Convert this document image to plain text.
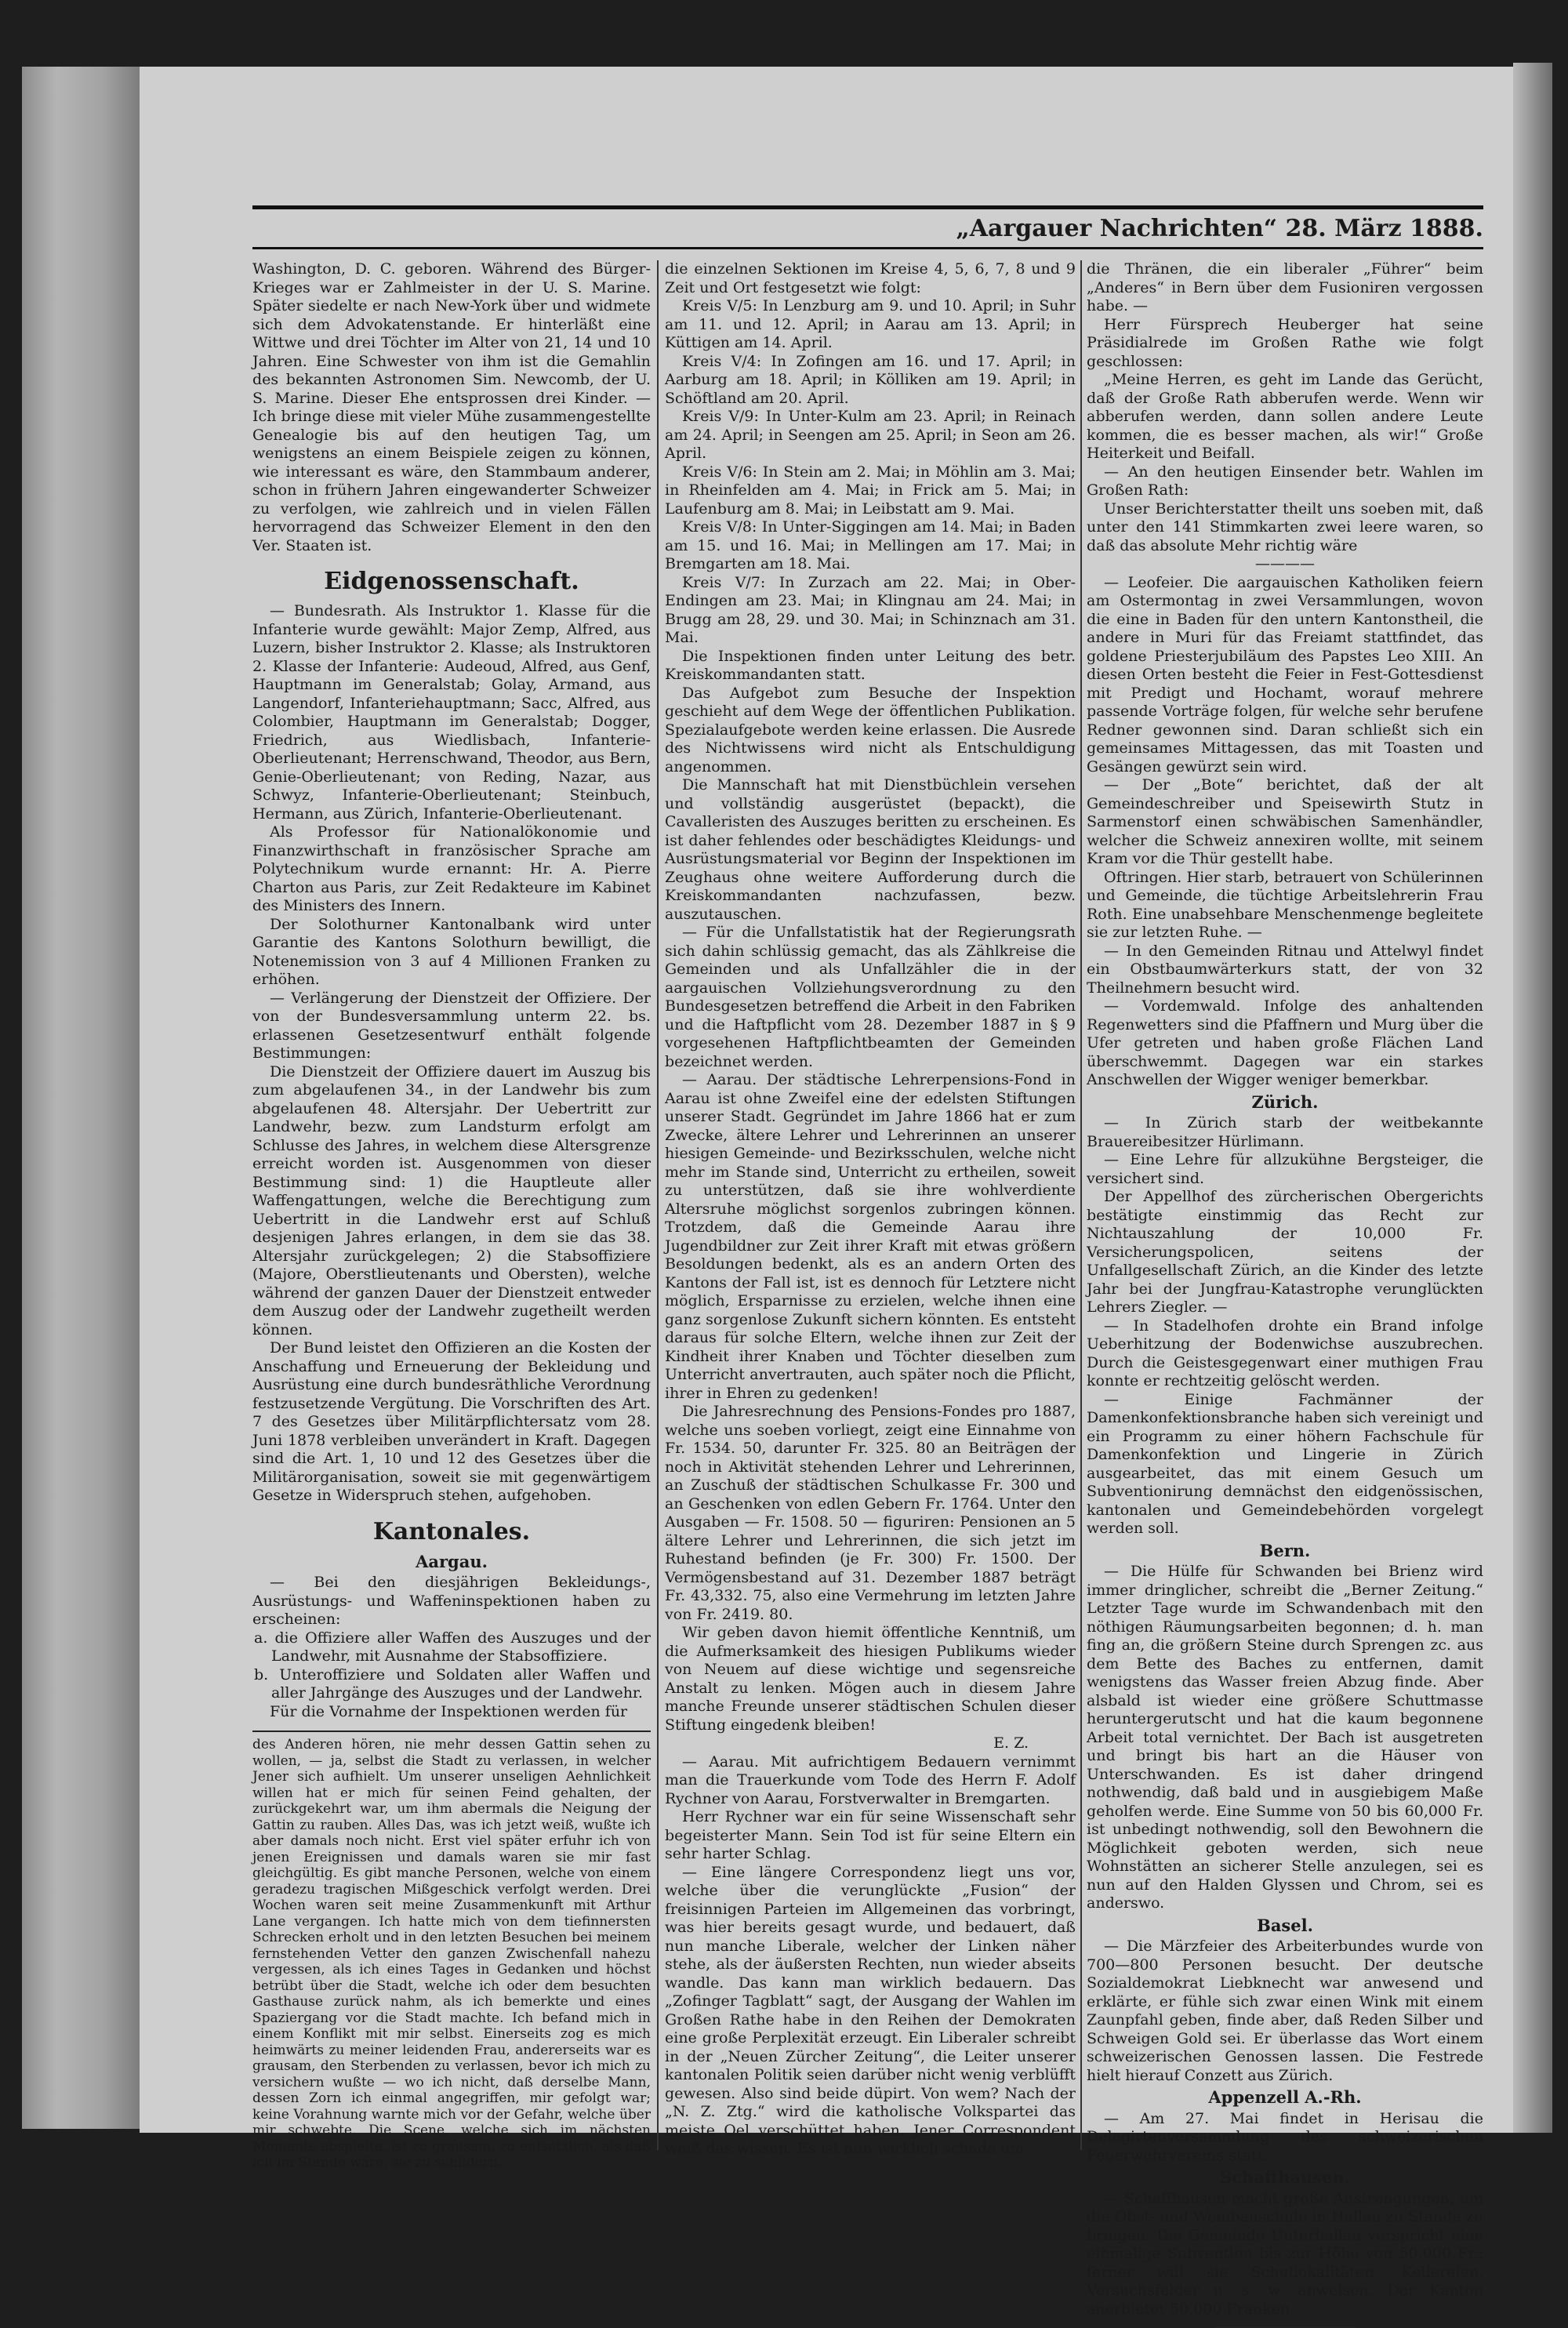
„Aargauer Nachrichten“ 28. März 1888.

Washington, D. C. geboren. Während des Bürger-Krieges war er Zahlmeister in der U. S. Marine. Später siedelte er nach New-York über und widmete sich dem Advokatenstande. Er hinterläßt eine Wittwe und drei Töchter im Alter von 21, 14 und 10 Jahren. Eine Schwester von ihm ist die Gemahlin des bekannten Astronomen Sim. Newcomb, der U. S. Marine. Dieser Ehe entsprossen drei Kinder. — Ich bringe diese mit vieler Mühe zusammengestellte Genealogie bis auf den heutigen Tag, um wenigstens an einem Beispiele zeigen zu können, wie interessant es wäre, den Stammbaum anderer, schon in frühern Jahren eingewanderter Schweizer zu verfolgen, wie zahlreich und in vielen Fällen hervorragend das Schweizer Element in den den Ver. Staaten ist.

Eidgenossenschaft.

— Bundesrath. Als Instruktor 1. Klasse für die Infanterie wurde gewählt: Major Zemp, Alfred, aus Luzern, bisher Instruktor 2. Klasse; als Instruktoren 2. Klasse der Infanterie: Audeoud, Alfred, aus Genf, Hauptmann im Generalstab; Golay, Armand, aus Langendorf, Infanteriehauptmann; Sacc, Alfred, aus Colombier, Hauptmann im Generalstab; Dogger, Friedrich, aus Wiedlisbach, Infanterie-Oberlieutenant; Herrenschwand, Theodor, aus Bern, Genie-Oberlieutenant; von Reding, Nazar, aus Schwyz, Infanterie-Oberlieutenant; Steinbuch, Hermann, aus Zürich, Infanterie-Oberlieutenant.

Als Professor für Nationalökonomie und Finanzwirthschaft in französischer Sprache am Polytechnikum wurde ernannt: Hr. A. Pierre Charton aus Paris, zur Zeit Redakteure im Kabinet des Ministers des Innern.

Der Solothurner Kantonalbank wird unter Garantie des Kantons Solothurn bewilligt, die Notenemission von 3 auf 4 Millionen Franken zu erhöhen.

— Verlängerung der Dienstzeit der Offiziere. Der von der Bundesversammlung unterm 22. bs. erlassenen Gesetzesentwurf enthält folgende Bestimmungen:

Die Dienstzeit der Offiziere dauert im Auszug bis zum abgelaufenen 34., in der Landwehr bis zum abgelaufenen 48. Altersjahr. Der Uebertritt zur Landwehr, bezw. zum Landsturm erfolgt am Schlusse des Jahres, in welchem diese Altersgrenze erreicht worden ist. Ausgenommen von dieser Bestimmung sind: 1) die Hauptleute aller Waffengattungen, welche die Berechtigung zum Uebertritt in die Landwehr erst auf Schluß desjenigen Jahres erlangen, in dem sie das 38. Altersjahr zurückgelegen; 2) die Stabsoffiziere (Majore, Oberstlieutenants und Obersten), welche während der ganzen Dauer der Dienstzeit entweder dem Auszug oder der Landwehr zugetheilt werden können.

Der Bund leistet den Offizieren an die Kosten der Anschaffung und Erneuerung der Bekleidung und Ausrüstung eine durch bundesräthliche Verordnung festzusetzende Vergütung. Die Vorschriften des Art. 7 des Gesetzes über Militärpflichtersatz vom 28. Juni 1878 verbleiben unverändert in Kraft. Dagegen sind die Art. 1, 10 und 12 des Gesetzes über die Militärorganisation, soweit sie mit gegenwärtigem Gesetze in Widerspruch stehen, aufgehoben.

Kantonales.
Aargau.

— Bei den diesjährigen Bekleidungs-, Ausrüstungs- und Waffeninspektionen haben zu erscheinen:

a. die Offiziere aller Waffen des Auszuges und der Landwehr, mit Ausnahme der Stabsoffiziere.
b. Unteroffiziere und Soldaten aller Waffen und aller Jahrgänge des Auszuges und der Landwehr.

Für die Vornahme der Inspektionen werden für

des Anderen hören, nie mehr dessen Gattin sehen zu wollen, — ja, selbst die Stadt zu verlassen, in welcher Jener sich aufhielt. Um unserer unseligen Aehnlichkeit willen hat er mich für seinen Feind gehalten, der zurückgekehrt war, um ihm abermals die Neigung der Gattin zu rauben. Alles Das, was ich jetzt weiß, wußte ich aber damals noch nicht. Erst viel später erfuhr ich von jenen Ereignissen und damals waren sie mir fast gleichgültig. Es gibt manche Personen, welche von einem geradezu tragischen Mißgeschick verfolgt werden. Drei Wochen waren seit meine Zusammenkunft mit Arthur Lane vergangen. Ich hatte mich von dem tiefinnersten Schrecken erholt und in den letzten Besuchen bei meinem fernstehenden Vetter den ganzen Zwischenfall nahezu vergessen, als ich eines Tages in Gedanken und höchst betrübt über die Stadt, welche ich oder dem besuchten Gasthause zurück nahm, als ich bemerkte und eines Spaziergang vor die Stadt machte. Ich befand mich in einem Konflikt mit mir selbst. Einerseits zog es mich heimwärts zu meiner leidenden Frau, andererseits war es grausam, den Sterbenden zu verlassen, bevor ich mich zu versichern wußte — wo ich nicht, daß derselbe Mann, dessen Zorn ich einmal angegriffen, mir gefolgt war; keine Vorahnung warnte mich vor der Gefahr, welche über mir schwebte. Die Scene, welche sich im nächsten Momente abspielte, ist zu grausam, zu entsetzlich, als daß ich im Stande wäre, sie zu schildern.

die einzelnen Sektionen im Kreise 4, 5, 6, 7, 8 und 9 Zeit und Ort festgesetzt wie folgt:

Kreis V/5: In Lenzburg am 9. und 10. April; in Suhr am 11. und 12. April; in Aarau am 13. April; in Küttigen am 14. April.

Kreis V/4: In Zofingen am 16. und 17. April; in Aarburg am 18. April; in Kölliken am 19. April; in Schöftland am 20. April.

Kreis V/9: In Unter-Kulm am 23. April; in Reinach am 24. April; in Seengen am 25. April; in Seon am 26. April.

Kreis V/6: In Stein am 2. Mai; in Möhlin am 3. Mai; in Rheinfelden am 4. Mai; in Frick am 5. Mai; in Laufenburg am 8. Mai; in Leibstatt am 9. Mai.

Kreis V/8: In Unter-Siggingen am 14. Mai; in Baden am 15. und 16. Mai; in Mellingen am 17. Mai; in Bremgarten am 18. Mai.

Kreis V/7: In Zurzach am 22. Mai; in Ober-Endingen am 23. Mai; in Klingnau am 24. Mai; in Brugg am 28, 29. und 30. Mai; in Schinznach am 31. Mai.

Die Inspektionen finden unter Leitung des betr. Kreiskommandanten statt.

Das Aufgebot zum Besuche der Inspektion geschieht auf dem Wege der öffentlichen Publikation. Spezialaufgebote werden keine erlassen. Die Ausrede des Nichtwissens wird nicht als Entschuldigung angenommen.

Die Mannschaft hat mit Dienstbüchlein versehen und vollständig ausgerüstet (bepackt), die Cavalleristen des Auszuges beritten zu erscheinen. Es ist daher fehlendes oder beschädigtes Kleidungs- und Ausrüstungsmaterial vor Beginn der Inspektionen im Zeughaus ohne weitere Aufforderung durch die Kreiskommandanten nachzufassen, bezw. auszutauschen.

— Für die Unfallstatistik hat der Regierungsrath sich dahin schlüssig gemacht, das als Zählkreise die Gemeinden und als Unfallzähler die in der aargauischen Vollziehungsverordnung zu den Bundesgesetzen betreffend die Arbeit in den Fabriken und die Haftpflicht vom 28. Dezember 1887 in § 9 vorgesehenen Haftpflichtbeamten der Gemeinden bezeichnet werden.

— Aarau. Der städtische Lehrerpensions-Fond in Aarau ist ohne Zweifel eine der edelsten Stiftungen unserer Stadt. Gegründet im Jahre 1866 hat er zum Zwecke, ältere Lehrer und Lehrerinnen an unserer hiesigen Gemeinde- und Bezirksschulen, welche nicht mehr im Stande sind, Unterricht zu ertheilen, soweit zu unterstützen, daß sie ihre wohlverdiente Altersruhe möglichst sorgenlos zubringen können. Trotzdem, daß die Gemeinde Aarau ihre Jugendbildner zur Zeit ihrer Kraft mit etwas größern Besoldungen bedenkt, als es an andern Orten des Kantons der Fall ist, ist es dennoch für Letztere nicht möglich, Ersparnisse zu erzielen, welche ihnen eine ganz sorgenlose Zukunft sichern könnten. Es entsteht daraus für solche Eltern, welche ihnen zur Zeit der Kindheit ihrer Knaben und Töchter dieselben zum Unterricht anvertrauten, auch später noch die Pflicht, ihrer in Ehren zu gedenken!

Die Jahresrechnung des Pensions-Fondes pro 1887, welche uns soeben vorliegt, zeigt eine Einnahme von Fr. 1534. 50, darunter Fr. 325. 80 an Beiträgen der noch in Aktivität stehenden Lehrer und Lehrerinnen, an Zuschuß der städtischen Schulkasse Fr. 300 und an Geschenken von edlen Gebern Fr. 1764. Unter den Ausgaben — Fr. 1508. 50 — figuriren: Pensionen an 5 ältere Lehrer und Lehrerinnen, die sich jetzt im Ruhestand befinden (je Fr. 300) Fr. 1500. Der Vermögensbestand auf 31. Dezember 1887 beträgt Fr. 43,332. 75, also eine Vermehrung im letzten Jahre von Fr. 2419. 80.

Wir geben davon hiemit öffentliche Kenntniß, um die Aufmerksamkeit des hiesigen Publikums wieder von Neuem auf diese wichtige und segensreiche Anstalt zu lenken. Mögen auch in diesem Jahre manche Freunde unserer städtischen Schulen dieser Stiftung eingedenk bleiben!

E. Z.

— Aarau. Mit aufrichtigem Bedauern vernimmt man die Trauerkunde vom Tode des Herrn F. Adolf Rychner von Aarau, Forstverwalter in Bremgarten.

Herr Rychner war ein für seine Wissenschaft sehr begeisterter Mann. Sein Tod ist für seine Eltern ein sehr harter Schlag.

— Eine längere Correspondenz liegt uns vor, welche über die verunglückte „Fusion“ der freisinnigen Parteien im Allgemeinen das vorbringt, was hier bereits gesagt wurde, und bedauert, daß nun manche Liberale, welcher der Linken näher stehe, als der äußersten Rechten, nun wieder abseits wandle. Das kann man wirklich bedauern. Das „Zofinger Tagblatt“ sagt, der Ausgang der Wahlen im Großen Rathe habe in den Reihen der Demokraten eine große Perplexität erzeugt. Ein Liberaler schreibt in der „Neuen Zürcher Zeitung“, die Leiter unserer kantonalen Politik seien darüber nicht wenig verblüfft gewesen. Also sind beide düpirt. Von wem? Nach der „N. Z. Ztg.“ wird die katholische Volkspartei das meiste Oel verschüttet haben. Jener Correspondent weiß das wissen. Es ist nun wirklich schade um

die Thränen, die ein liberaler „Führer“ beim „Anderes“ in Bern über dem Fusioniren vergossen habe. —

Herr Fürsprech Heuberger hat seine Präsidialrede im Großen Rathe wie folgt geschlossen:

„Meine Herren, es geht im Lande das Gerücht, daß der Große Rath abberufen werde. Wenn wir abberufen werden, dann sollen andere Leute kommen, die es besser machen, als wir!“ Große Heiterkeit und Beifall.

— An den heutigen Einsender betr. Wahlen im Großen Rath:

Unser Berichterstatter theilt uns soeben mit, daß unter den 141 Stimmkarten zwei leere waren, so daß das absolute Mehr richtig wäre

————

— Leofeier. Die aargauischen Katholiken feiern am Ostermontag in zwei Versammlungen, wovon die eine in Baden für den untern Kantonstheil, die andere in Muri für das Freiamt stattfindet, das goldene Priesterjubiläum des Papstes Leo XIII. An diesen Orten besteht die Feier in Fest-Gottesdienst mit Predigt und Hochamt, worauf mehrere passende Vorträge folgen, für welche sehr berufene Redner gewonnen sind. Daran schließt sich ein gemeinsames Mittagessen, das mit Toasten und Gesängen gewürzt sein wird.

— Der „Bote“ berichtet, daß der alt Gemeindeschreiber und Speisewirth Stutz in Sarmenstorf einen schwäbischen Samenhändler, welcher die Schweiz annexiren wollte, mit seinem Kram vor die Thür gestellt habe.

Oftringen. Hier starb, betrauert von Schülerinnen und Gemeinde, die tüchtige Arbeitslehrerin Frau Roth. Eine unabsehbare Menschenmenge begleitete sie zur letzten Ruhe. —

— In den Gemeinden Ritnau und Attelwyl findet ein Obstbaumwärterkurs statt, der von 32 Theilnehmern besucht wird.

— Vordemwald. Infolge des anhaltenden Regenwetters sind die Pfaffnern und Murg über die Ufer getreten und haben große Flächen Land überschwemmt. Dagegen war ein starkes Anschwellen der Wigger weniger bemerkbar.

Zürich.

— In Zürich starb der weitbekannte Brauereibesitzer Hürlimann.

— Eine Lehre für allzukühne Bergsteiger, die versichert sind.

Der Appellhof des zürcherischen Obergerichts bestätigte einstimmig das Recht zur Nichtauszahlung der 10,000 Fr. Versicherungspolicen, seitens der Unfallgesellschaft Zürich, an die Kinder des letzte Jahr bei der Jungfrau-Katastrophe verunglückten Lehrers Ziegler. —

— In Stadelhofen drohte ein Brand infolge Ueberhitzung der Bodenwichse auszubrechen. Durch die Geistesgegenwart einer muthigen Frau konnte er rechtzeitig gelöscht werden.

— Einige Fachmänner der Damenkonfektionsbranche haben sich vereinigt und ein Programm zu einer höhern Fachschule für Damenkonfektion und Lingerie in Zürich ausgearbeitet, das mit einem Gesuch um Subventionirung demnächst den eidgenössischen, kantonalen und Gemeindebehörden vorgelegt werden soll.

Bern.

— Die Hülfe für Schwanden bei Brienz wird immer dringlicher, schreibt die „Berner Zeitung.“ Letzter Tage wurde im Schwandenbach mit den nöthigen Räumungsarbeiten begonnen; d. h. man fing an, die größern Steine durch Sprengen zc. aus dem Bette des Baches zu entfernen, damit wenigstens das Wasser freien Abzug finde. Aber alsbald ist wieder eine größere Schuttmasse heruntergerutscht und hat die kaum begonnene Arbeit total vernichtet. Der Bach ist ausgetreten und bringt bis hart an die Häuser von Unterschwanden. Es ist daher dringend nothwendig, daß bald und in ausgiebigem Maße geholfen werde. Eine Summe von 50 bis 60,000 Fr. ist unbedingt nothwendig, soll den Bewohnern die Möglichkeit geboten werden, sich neue Wohnstätten an sicherer Stelle anzulegen, sei es nun auf den Halden Glyssen und Chrom, sei es anderswo.

Basel.

— Die Märzfeier des Arbeiterbundes wurde von 700—800 Personen besucht. Der deutsche Sozialdemokrat Liebknecht war anwesend und erklärte, er fühle sich zwar einen Wink mit einem Zaunpfahl geben, finde aber, daß Reden Silber und Schweigen Gold sei. Er überlasse das Wort einem schweizerischen Genossen lassen. Die Festrede hielt hierauf Conzett aus Zürich.

Appenzell A.-Rh.

— Am 27. Mai findet in Herisau die Delegirtenversammlung des schweizerischen Feuerwehrvereins statt.

Schaffhausen.

— Schaffhausen macht große Anstrengungen, um die Obst- und Weinbauschule in Hallau zu Stande zu bringen. Die Gemeinde Unterhallau verspricht eine einmalige Subvention bis zur Höhe von 50,000 Fr.; ferner will sie Schullokalitäten, Kellereien, Versuchsfelder u. s. w. anweisen. Der Kanton anerbietet 50,000 Franken.
